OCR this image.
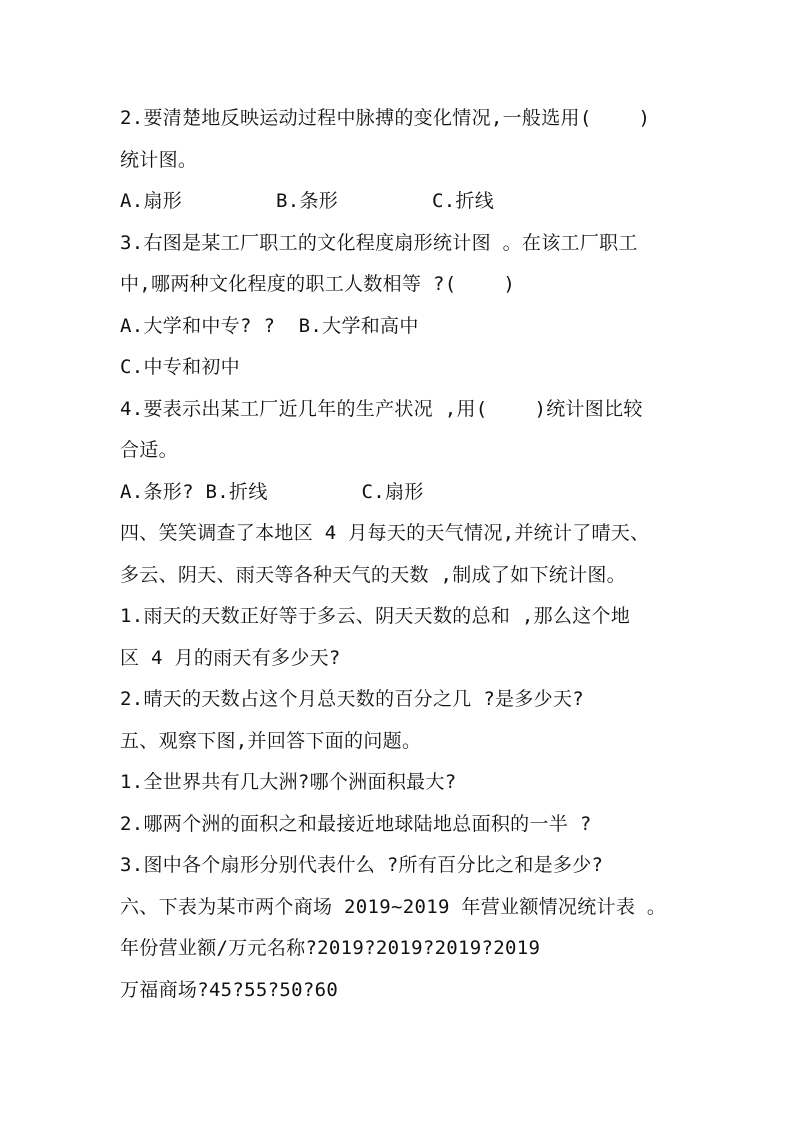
2.要清楚地反映运动过程中脉搏的变化情况,一般选用(    )

统计图。

A.扇形        B.条形        C.折线

3.右图是某工厂职工的文化程度扇形统计图 。在该工厂职工

中,哪两种文化程度的职工人数相等 ?(    )

A.大学和中专? ?  B.大学和高中

C.中专和初中

4.要表示出某工厂近几年的生产状况 ,用(    )统计图比较

合适。

A.条形? B.折线        C.扇形

四、笑笑调查了本地区 4 月每天的天气情况,并统计了晴天、

多云、阴天、雨天等各种天气的天数 ,制成了如下统计图。

1.雨天的天数正好等于多云、阴天天数的总和 ,那么这个地

区 4 月的雨天有多少天?

2.晴天的天数占这个月总天数的百分之几 ?是多少天?

五、观察下图,并回答下面的问题。

1.全世界共有几大洲?哪个洲面积最大?

2.哪两个洲的面积之和最接近地球陆地总面积的一半 ?

3.图中各个扇形分别代表什么 ?所有百分比之和是多少?

六、下表为某市两个商场 2019~2019 年营业额情况统计表 。

年份营业额/万元名称?2019?2019?2019?2019

万福商场?45?55?50?60
